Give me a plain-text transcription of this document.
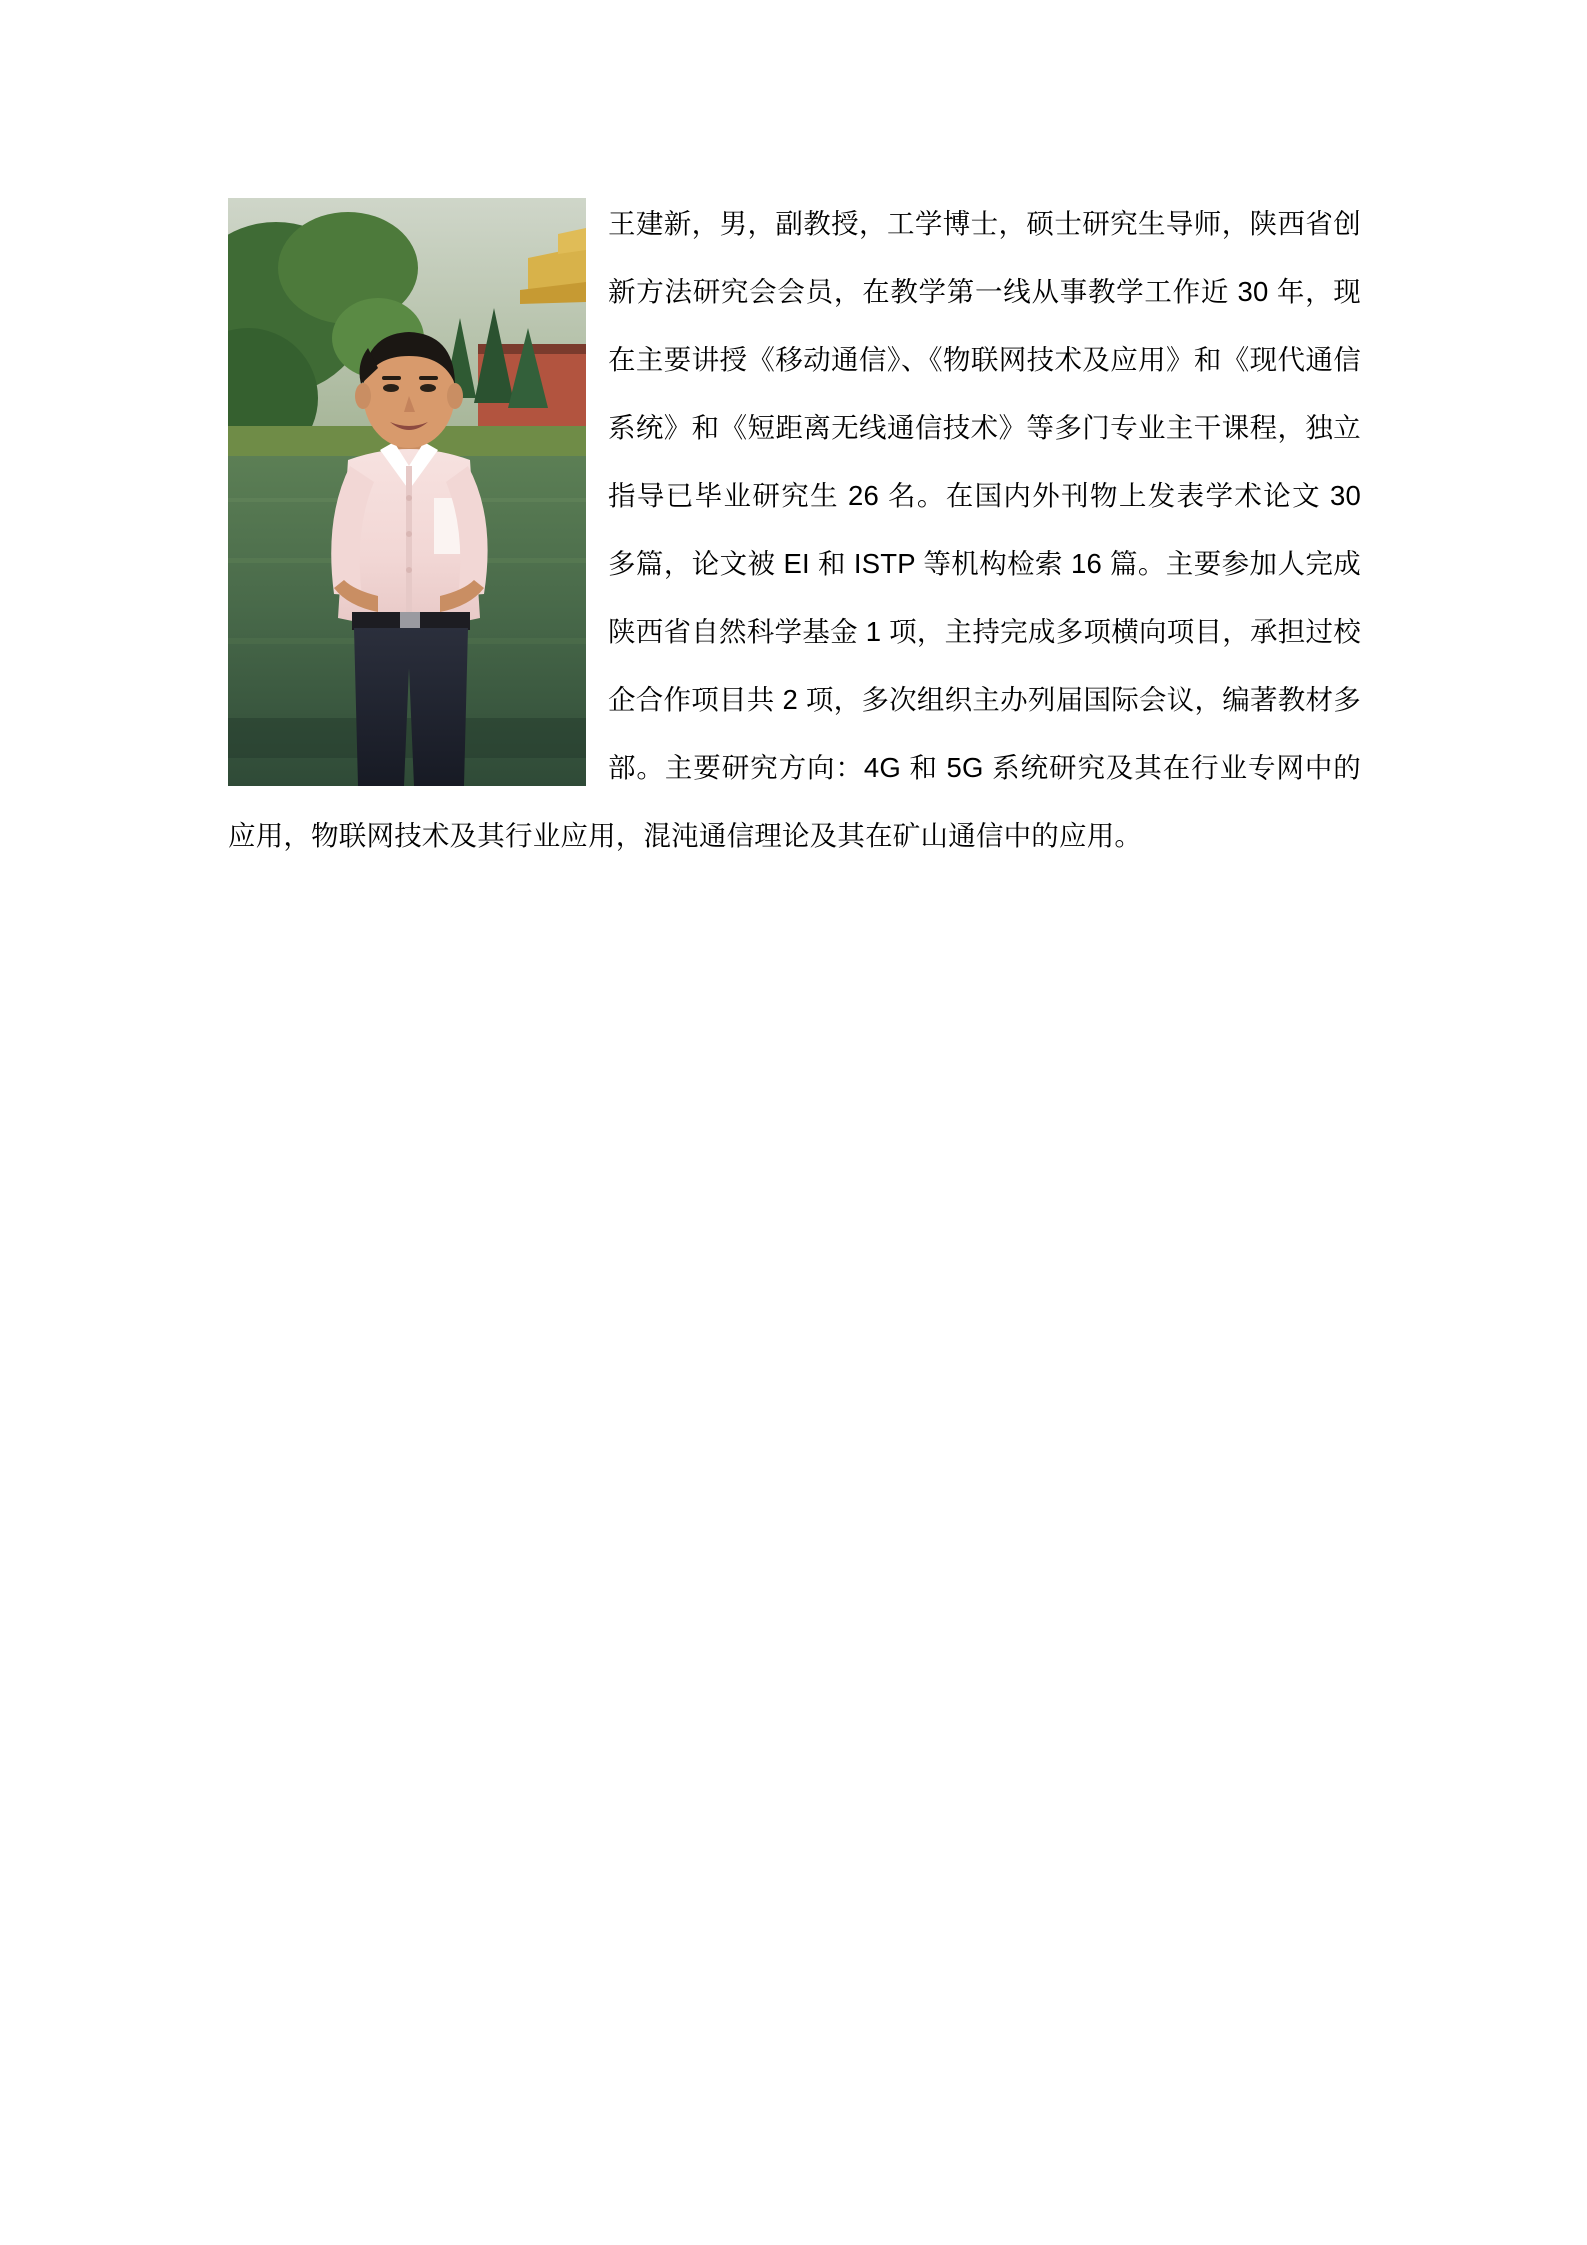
王建新，男，副教授，工学博士，硕士研究生导师，陕西省创新方法研究会会员，在教学第一线从事教学工作近 30 年，现在主要讲授《移动通信》、《物联网技术及应用》和《现代通信系统》和《短距离无线通信技术》等多门专业主干课程，独立指导已毕业研究生 26 名。在国内外刊物上发表学术论文 30 多篇，论文被 EI 和 ISTP 等机构检索 16 篇。主要参加人完成陕西省自然科学基金 1 项，主持完成多项横向项目，承担过校企合作项目共 2 项，多次组织主办列届国际会议，编著教材多部。主要研究方向：4G 和 5G 系统研究及其在行业专网中的应用，物联网技术及其行业应用，混沌通信理论及其在矿山通信中的应用。
